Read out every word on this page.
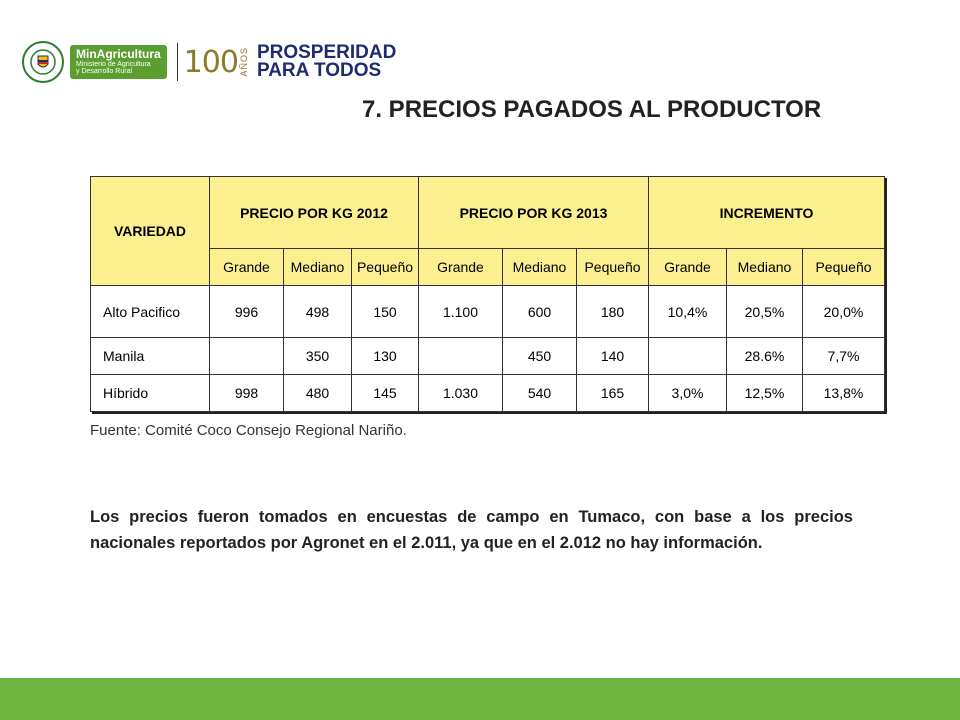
MinAgricultura
Ministerio de Agricultura
y Desarrollo Rural	100 AÑOS PROSPERIDAD
PARA TODOS
7. PRECIOS PAGADOS AL PRODUCTOR
VARIEDAD	PRECIO POR KG 2012			PRECIO POR KG 2013			INCREMENTO		
	Grande	Mediano	Pequeño	Grande	Mediano	Pequeño	Grande	Mediano	Pequeño
Alto Pacifico	996	498	150	1.100	600	180	10,4%	20,5%	20,0%
Manila		350	130		450	140		28.6%	7,7%
Híbrido	998	480	145	1.030	540	165	3,0%	12,5%	13,8%
Fuente: Comité Coco Consejo Regional Nariño.
Los precios fueron tomados en encuestas de campo en Tumaco, con base a los precios nacionales reportados por Agronet en el 2.011, ya que en el 2.012 no hay información.
